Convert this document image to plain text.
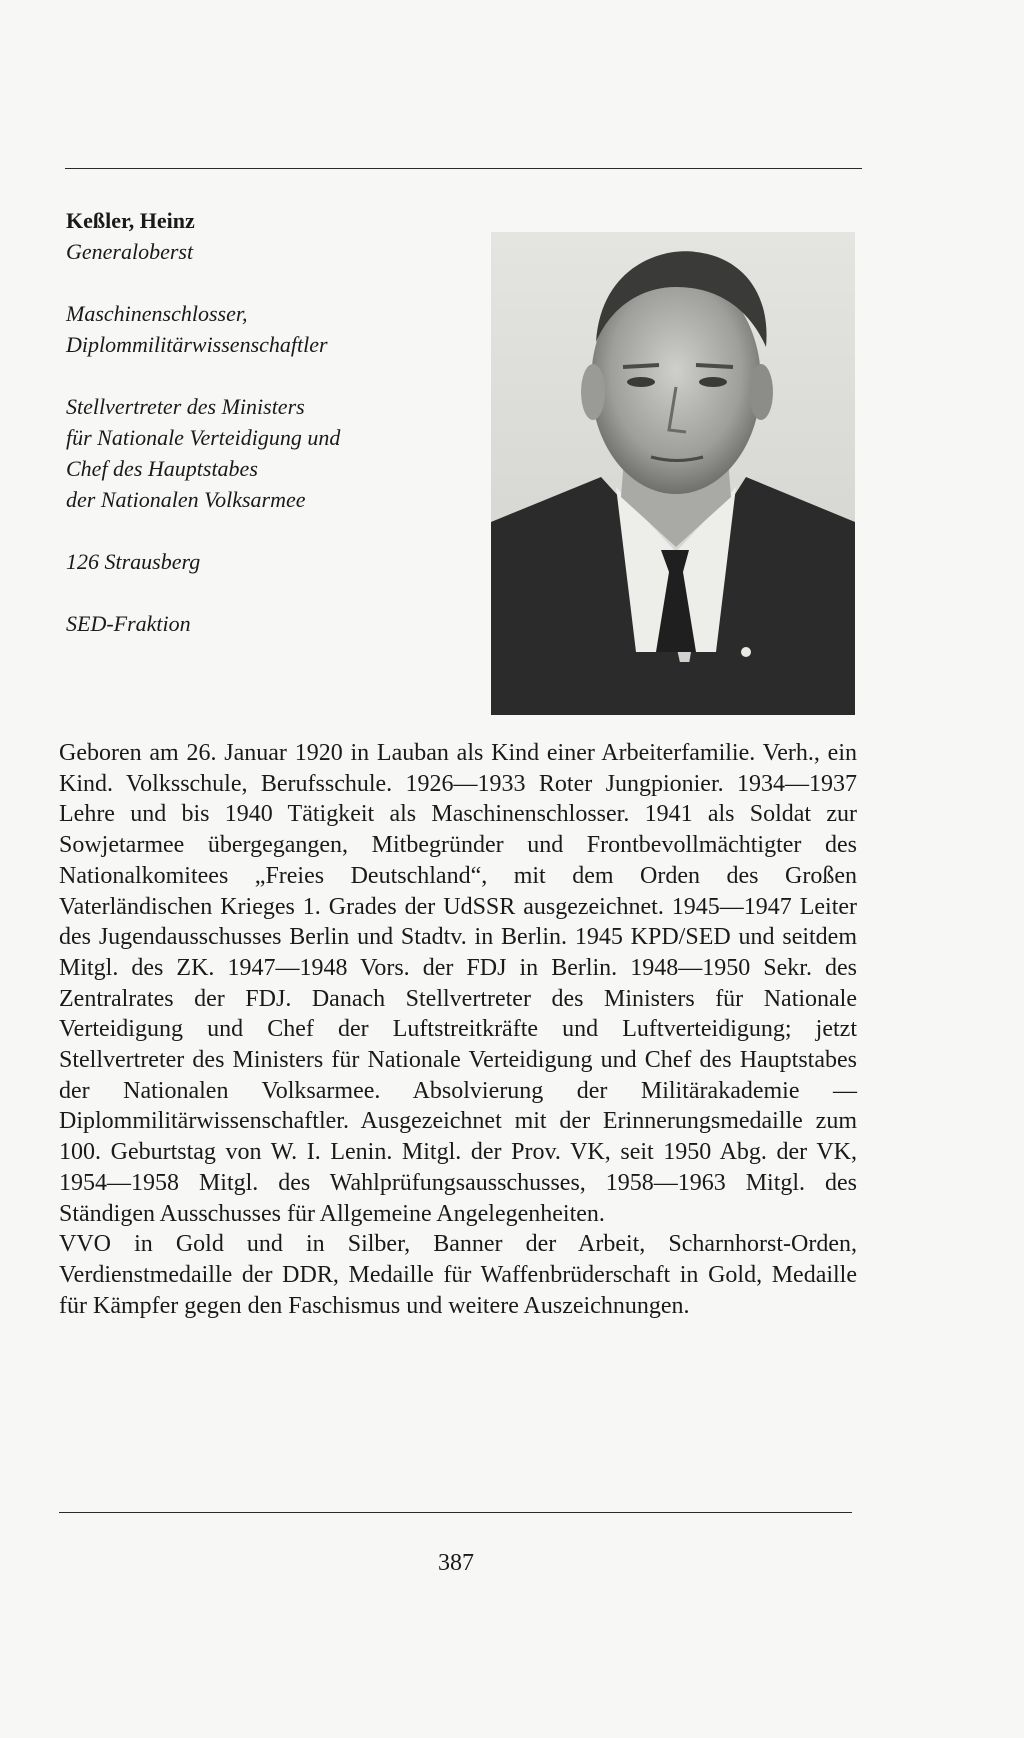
Keßler, Heinz

Generaloberst

Maschinenschlosser,

Diplommilitärwissenschaftler

Stellvertreter des Ministers

für Nationale Verteidigung und

Chef des Hauptstabes

der Nationalen Volksarmee

126 Strausberg

SED-Fraktion

Geboren am 26. Januar 1920 in Lauban als Kind einer Arbeiterfamilie. Verh., ein Kind. Volksschule, Berufsschule. 1926—1933 Roter Jungpionier. 1934—1937 Lehre und bis 1940 Tätigkeit als Maschinenschlosser. 1941 als Soldat zur Sowjetarmee übergegangen, Mitbegründer und Frontbevollmächtigter des Nationalkomitees „Freies Deutschland“, mit dem Orden des Großen Vaterländischen Krieges 1. Grades der UdSSR ausgezeichnet. 1945—1947 Leiter des Jugendausschusses Berlin und Stadtv. in Berlin. 1945 KPD/SED und seitdem Mitgl. des ZK. 1947—1948 Vors. der FDJ in Berlin. 1948—1950 Sekr. des Zentralrates der FDJ. Danach Stellvertreter des Ministers für Nationale Verteidigung und Chef der Luftstreitkräfte und Luftverteidigung; jetzt Stellvertreter des Ministers für Nationale Verteidigung und Chef des Hauptstabes der Nationalen Volksarmee. Absolvierung der Militärakademie — Diplommilitärwissenschaftler. Ausgezeichnet mit der Erinnerungsmedaille zum 100. Geburtstag von W. I. Lenin. Mitgl. der Prov. VK, seit 1950 Abg. der VK, 1954—1958 Mitgl. des Wahlprüfungsausschusses, 1958—1963 Mitgl. des Ständigen Ausschusses für Allgemeine Angelegenheiten.

VVO in Gold und in Silber, Banner der Arbeit, Scharnhorst-Orden, Verdienstmedaille der DDR, Medaille für Waffenbrüderschaft in Gold, Medaille für Kämpfer gegen den Faschismus und weitere Auszeichnungen.

387
